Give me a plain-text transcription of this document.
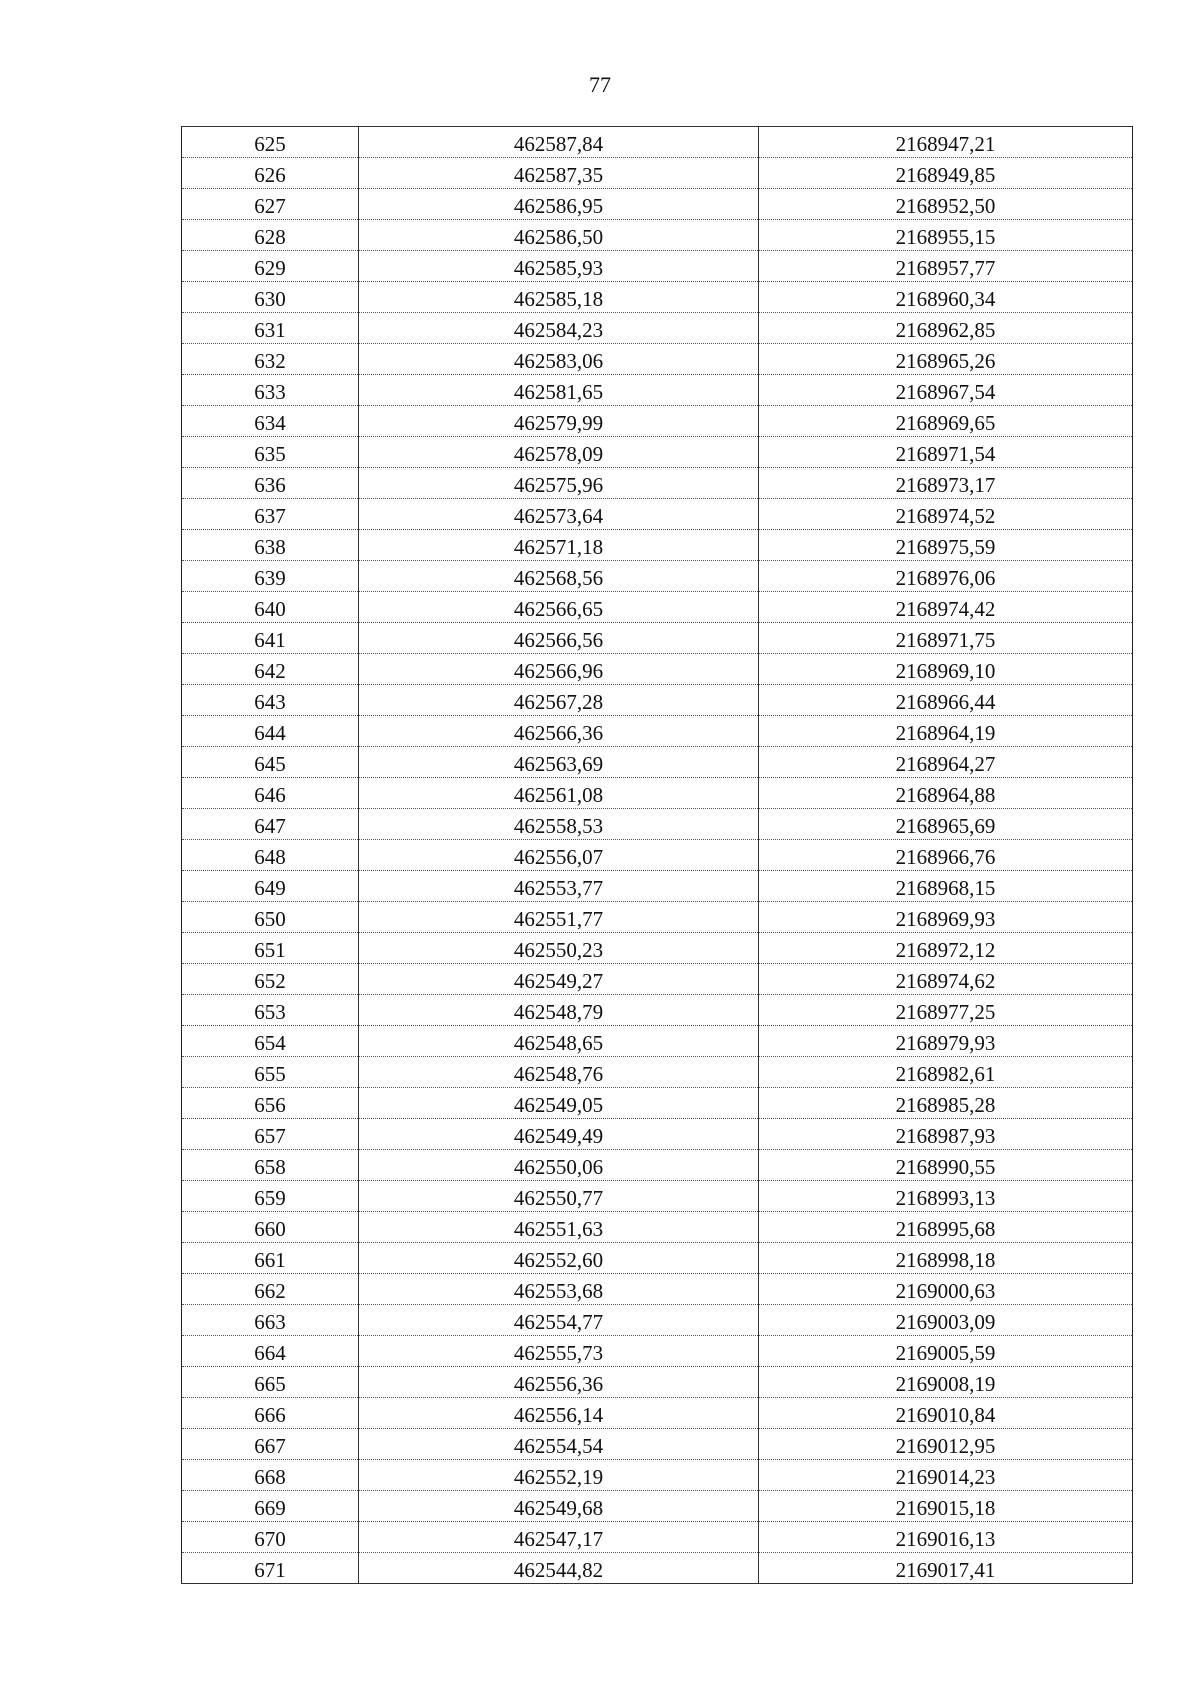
77
625	462587,84	2168947,21
626	462587,35	2168949,85
627	462586,95	2168952,50
628	462586,50	2168955,15
629	462585,93	2168957,77
630	462585,18	2168960,34
631	462584,23	2168962,85
632	462583,06	2168965,26
633	462581,65	2168967,54
634	462579,99	2168969,65
635	462578,09	2168971,54
636	462575,96	2168973,17
637	462573,64	2168974,52
638	462571,18	2168975,59
639	462568,56	2168976,06
640	462566,65	2168974,42
641	462566,56	2168971,75
642	462566,96	2168969,10
643	462567,28	2168966,44
644	462566,36	2168964,19
645	462563,69	2168964,27
646	462561,08	2168964,88
647	462558,53	2168965,69
648	462556,07	2168966,76
649	462553,77	2168968,15
650	462551,77	2168969,93
651	462550,23	2168972,12
652	462549,27	2168974,62
653	462548,79	2168977,25
654	462548,65	2168979,93
655	462548,76	2168982,61
656	462549,05	2168985,28
657	462549,49	2168987,93
658	462550,06	2168990,55
659	462550,77	2168993,13
660	462551,63	2168995,68
661	462552,60	2168998,18
662	462553,68	2169000,63
663	462554,77	2169003,09
664	462555,73	2169005,59
665	462556,36	2169008,19
666	462556,14	2169010,84
667	462554,54	2169012,95
668	462552,19	2169014,23
669	462549,68	2169015,18
670	462547,17	2169016,13
671	462544,82	2169017,41
